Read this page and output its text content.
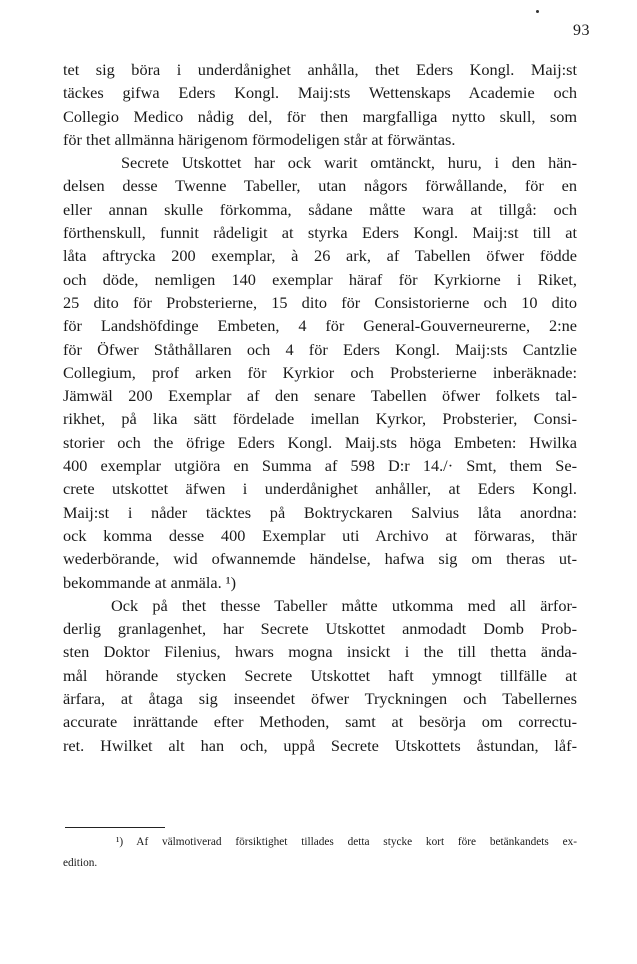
93
tet sig böra i underdånighet anhålla, thet Eders Kongl. Maij:st
täckes gifwa Eders Kongl. Maij:sts Wettenskaps Academie och
Collegio Medico nådig del, för then margfalliga nytto skull, som
för thet allmänna härigenom förmodeligen står at förwäntas.
Secrete Utskottet har ock warit omtänckt, huru, i den hän-
delsen desse Twenne Tabeller, utan någors förwållande, för en
eller annan skulle förkomma, sådane måtte wara at tillgå: och
förthenskull, funnit rådeligit at styrka Eders Kongl. Maij:st till at
låta aftrycka 200 exemplar, à 26 ark, af Tabellen öfwer födde
och döde, nemligen 140 exemplar häraf för Kyrkiorne i Riket,
25 dito för Probsterierne, 15 dito för Consistorierne och 10 dito
för Landshöfdinge Embeten, 4 för General-Gouverneurerne, 2:ne
för Öfwer Ståthållaren och 4 för Eders Kongl. Maij:sts Cantzlie
Collegium, prof arken för Kyrkior och Probsterierne inberäknade:
Jämwäl 200 Exemplar af den senare Tabellen öfwer folkets tal-
rikhet, på lika sätt fördelade imellan Kyrkor, Probsterier, Consi-
storier och the öfrige Eders Kongl. Maij.sts höga Embeten: Hwilka
400 exemplar utgiöra en Summa af 598 D:r 14./· Smt, them Se-
crete utskottet äfwen i underdånighet anhåller, at Eders Kongl.
Maij:st i nåder täcktes på Boktryckaren Salvius låta anordna:
ock komma desse 400 Exemplar uti Archivo at förwaras, thär
wederbörande, wid ofwannemde händelse, hafwa sig om theras ut-
bekommande at anmäla. ¹)
Ock på thet thesse Tabeller måtte utkomma med all ärfor-
derlig granlagenhet, har Secrete Utskottet anmodadt Domb Prob-
sten Doktor Filenius, hwars mogna insickt i the till thetta ända-
mål hörande stycken Secrete Utskottet haft ymnogt tillfälle at
ärfara, at åtaga sig inseendet öfwer Tryckningen och Tabellernes
accurate inrättande efter Methoden, samt at besörja om correctu-
ret. Hwilket alt han och, uppå Secrete Utskottets åstundan, låf-
¹) Af välmotiverad försiktighet tillades detta stycke kort före betänkandets ex-
edition.
